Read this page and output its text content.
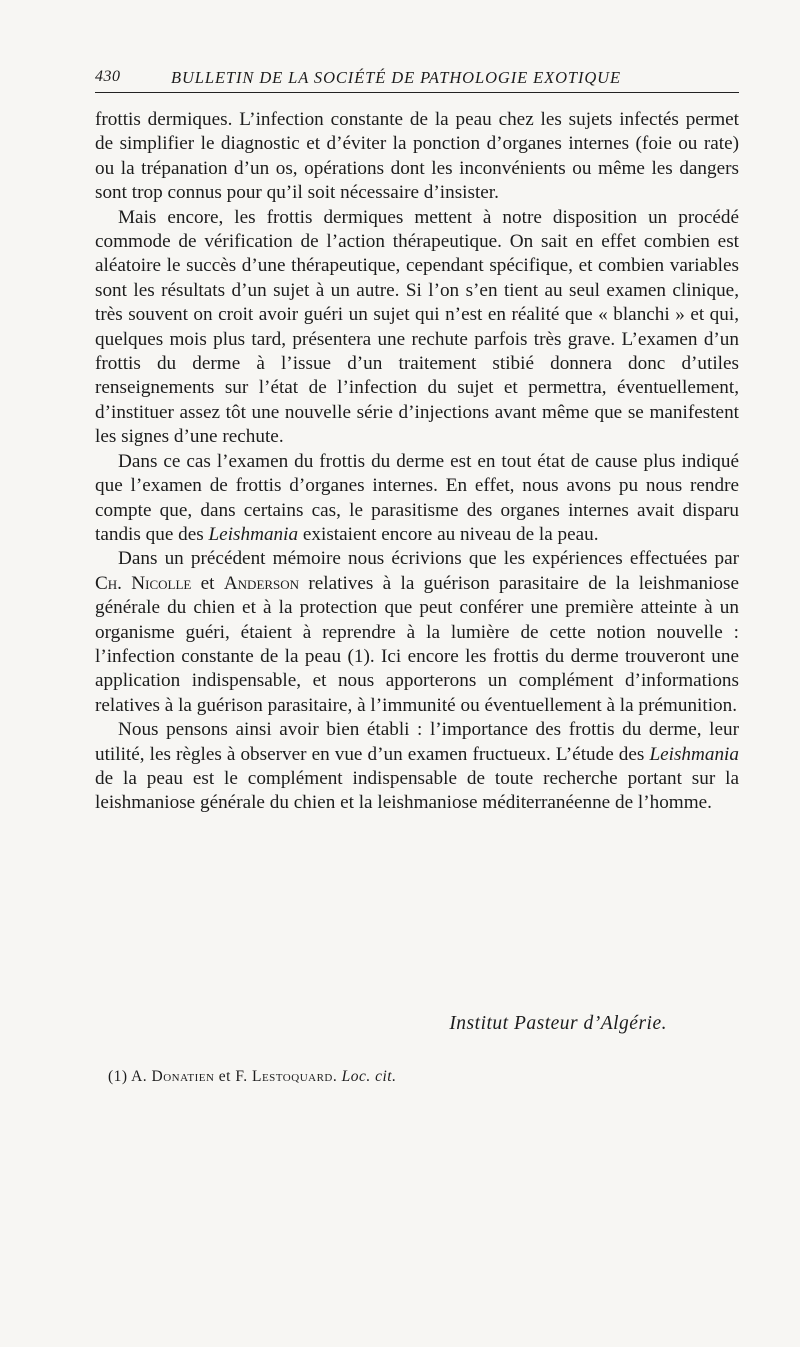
430	BULLETIN DE LA SOCIÉTÉ DE PATHOLOGIE EXOTIQUE

frottis dermiques. L’infection constante de la peau chez les sujets infectés permet de simplifier le diagnostic et d’éviter la ponction d’organes internes (foie ou rate) ou la trépanation d’un os, opérations dont les inconvénients ou même les dangers sont trop connus pour qu’il soit nécessaire d’insister.

Mais encore, les frottis dermiques mettent à notre disposition un procédé commode de vérification de l’action thérapeutique. On sait en effet combien est aléatoire le succès d’une thérapeutique, cependant spécifique, et combien variables sont les résultats d’un sujet à un autre. Si l’on s’en tient au seul examen clinique, très souvent on croit avoir guéri un sujet qui n’est en réalité que « blanchi » et qui, quelques mois plus tard, présentera une rechute parfois très grave. L’examen d’un frottis du derme à l’issue d’un traitement stibié donnera donc d’utiles renseignements sur l’état de l’infection du sujet et permettra, éventuellement, d’instituer assez tôt une nouvelle série d’injections avant même que se manifestent les signes d’une rechute.

Dans ce cas l’examen du frottis du derme est en tout état de cause plus indiqué que l’examen de frottis d’organes internes. En effet, nous avons pu nous rendre compte que, dans certains cas, le parasitisme des organes internes avait disparu tandis que des Leishmania existaient encore au niveau de la peau.

Dans un précédent mémoire nous écrivions que les expériences effectuées par Ch. Nicolle et Anderson relatives à la guérison parasitaire de la leishmaniose générale du chien et à la protection que peut conférer une première atteinte à un organisme guéri, étaient à reprendre à la lumière de cette notion nouvelle : l’infection constante de la peau (1). Ici encore les frottis du derme trouveront une application indispensable, et nous apporterons un complément d’informations relatives à la guérison parasitaire, à l’immunité ou éventuellement à la prémunition.

Nous pensons ainsi avoir bien établi : l’importance des frottis du derme, leur utilité, les règles à observer en vue d’un examen fructueux. L’étude des Leishmania de la peau est le complément indispensable de toute recherche portant sur la leishmaniose générale du chien et la leishmaniose méditerranéenne de l’homme.

Institut Pasteur d’Algérie.
(1) A. Donatien et F. Lestoquard. Loc. cit.
